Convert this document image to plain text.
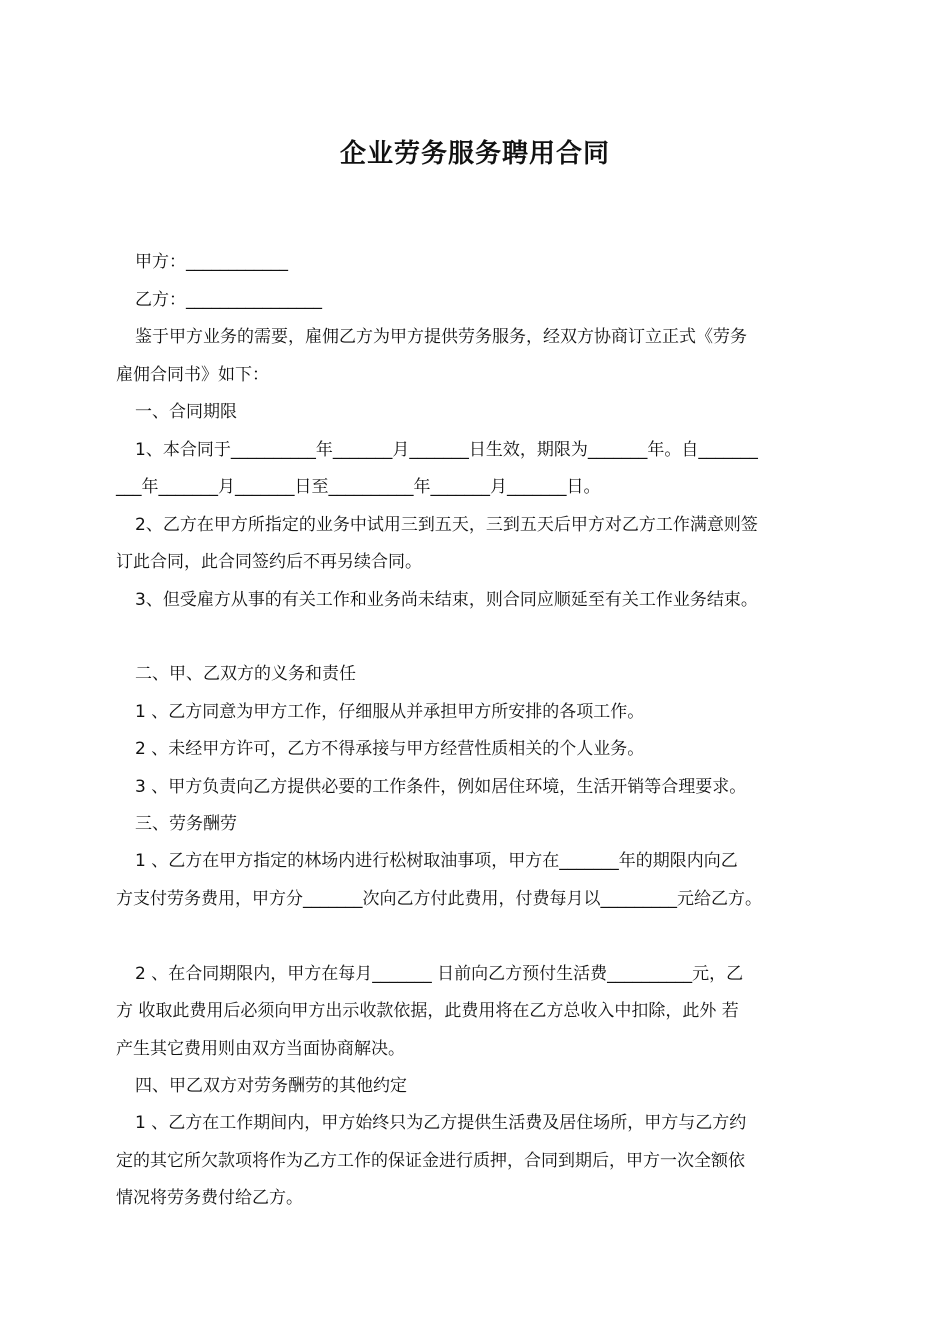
企业劳务服务聘用合同

甲方：____________

乙方：________________

鉴于甲方业务的需要，雇佣乙方为甲方提供劳务服务，经双方协商订立正式《劳务

雇佣合同书》如下：

一、合同期限

1、本合同于__________年_______月_______日生效，期限为_______年。自_______

___年_______月_______日至__________年_______月_______日。

2、乙方在甲方所指定的业务中试用三到五天，三到五天后甲方对乙方工作满意则签

订此合同，此合同签约后不再另续合同。

3、但受雇方从事的有关工作和业务尚未结束，则合同应顺延至有关工作业务结束。

二、甲、乙双方的义务和责任

1 、乙方同意为甲方工作，仔细服从并承担甲方所安排的各项工作。

2 、未经甲方许可，乙方不得承接与甲方经营性质相关的个人业务。

3 、甲方负责向乙方提供必要的工作条件，例如居住环境，生活开销等合理要求。

三、劳务酬劳

1 、乙方在甲方指定的林场内进行松树取油事项，甲方在_______年的期限内向乙

方支付劳务费用，甲方分_______次向乙方付此费用，付费每月以_________元给乙方。

2 、在合同期限内，甲方在每月_______ 日前向乙方预付生活费__________元，乙

方 收取此费用后必须向甲方出示收款依据，此费用将在乙方总收入中扣除，此外 若

产生其它费用则由双方当面协商解决。

四、甲乙双方对劳务酬劳的其他约定

1 、乙方在工作期间内，甲方始终只为乙方提供生活费及居住场所，甲方与乙方约

定的其它所欠款项将作为乙方工作的保证金进行质押，合同到期后，甲方一次全额依

情况将劳务费付给乙方。
